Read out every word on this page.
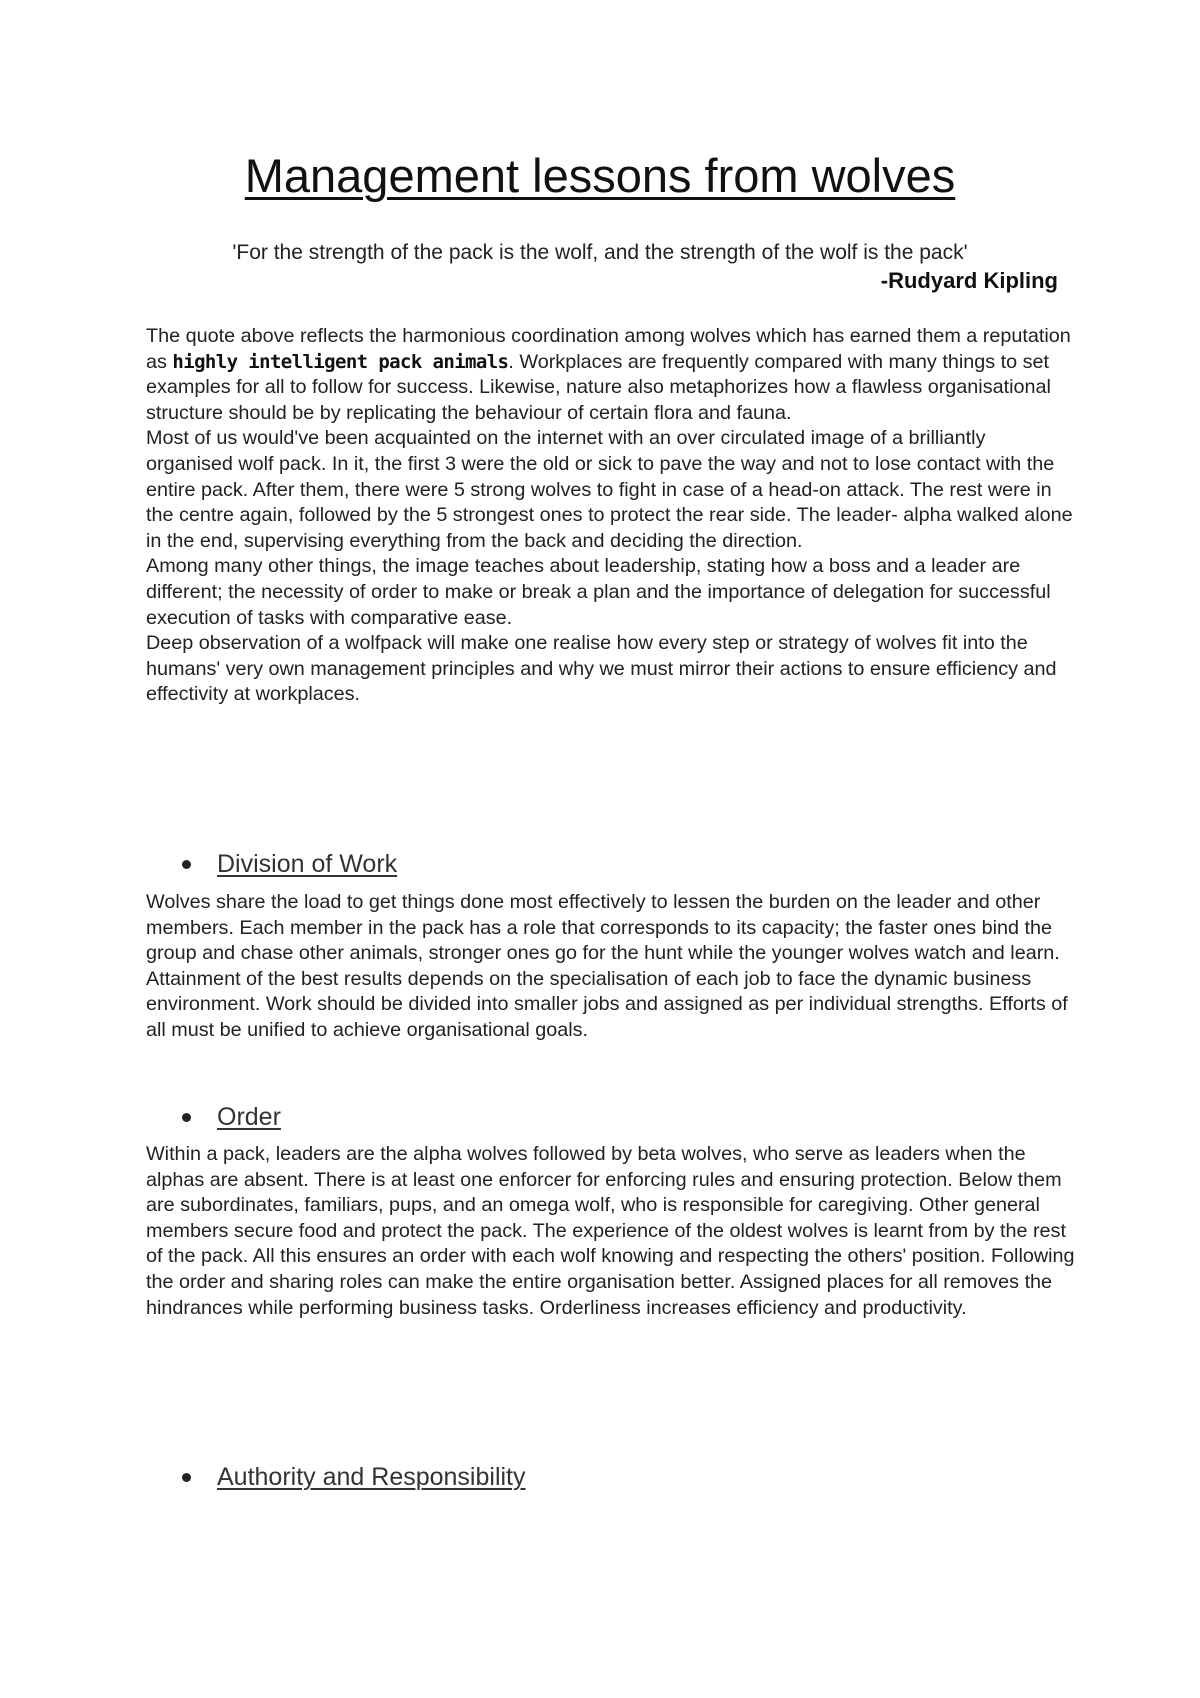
Management lessons from wolves

'For the strength of the pack is the wolf, and the strength of the wolf is the pack'

-Rudyard Kipling

The quote above reflects the harmonious coordination among wolves which has earned them a reputation as highly intelligent pack animals. Workplaces are frequently compared with many things to set examples for all to follow for success. Likewise, nature also metaphorizes how a flawless organisational structure should be by replicating the behaviour of certain flora and fauna.

Most of us would've been acquainted on the internet with an over circulated image of a brilliantly organised wolf pack. In it, the first 3 were the old or sick to pave the way and not to lose contact with the entire pack. After them, there were 5 strong wolves to fight in case of a head-on attack. The rest were in the centre again, followed by the 5 strongest ones to protect the rear side. The leader- alpha walked alone in the end, supervising everything from the back and deciding the direction.

Among many other things, the image teaches about leadership, stating how a boss and a leader are different; the necessity of order to make or break a plan and the importance of delegation for successful execution of tasks with comparative ease.

Deep observation of a wolfpack will make one realise how every step or strategy of wolves fit into the humans' very own management principles and why we must mirror their actions to ensure efficiency and effectivity at workplaces.

Division of Work

Wolves share the load to get things done most effectively to lessen the burden on the leader and other members. Each member in the pack has a role that corresponds to its capacity; the faster ones bind the group and chase other animals, stronger ones go for the hunt while the younger wolves watch and learn.

Attainment of the best results depends on the specialisation of each job to face the dynamic business environment. Work should be divided into smaller jobs and assigned as per individual strengths. Efforts of all must be unified to achieve organisational goals.

Order

Within a pack, leaders are the alpha wolves followed by beta wolves, who serve as leaders when the alphas are absent. There is at least one enforcer for enforcing rules and ensuring protection. Below them are subordinates, familiars, pups, and an omega wolf, who is responsible for caregiving. Other general members secure food and protect the pack. The experience of the oldest wolves is learnt from by the rest of the pack. All this ensures an order with each wolf knowing and respecting the others' position. Following the order and sharing roles can make the entire organisation better. Assigned places for all removes the hindrances while performing business tasks. Orderliness increases efficiency and productivity.

Authority and Responsibility
